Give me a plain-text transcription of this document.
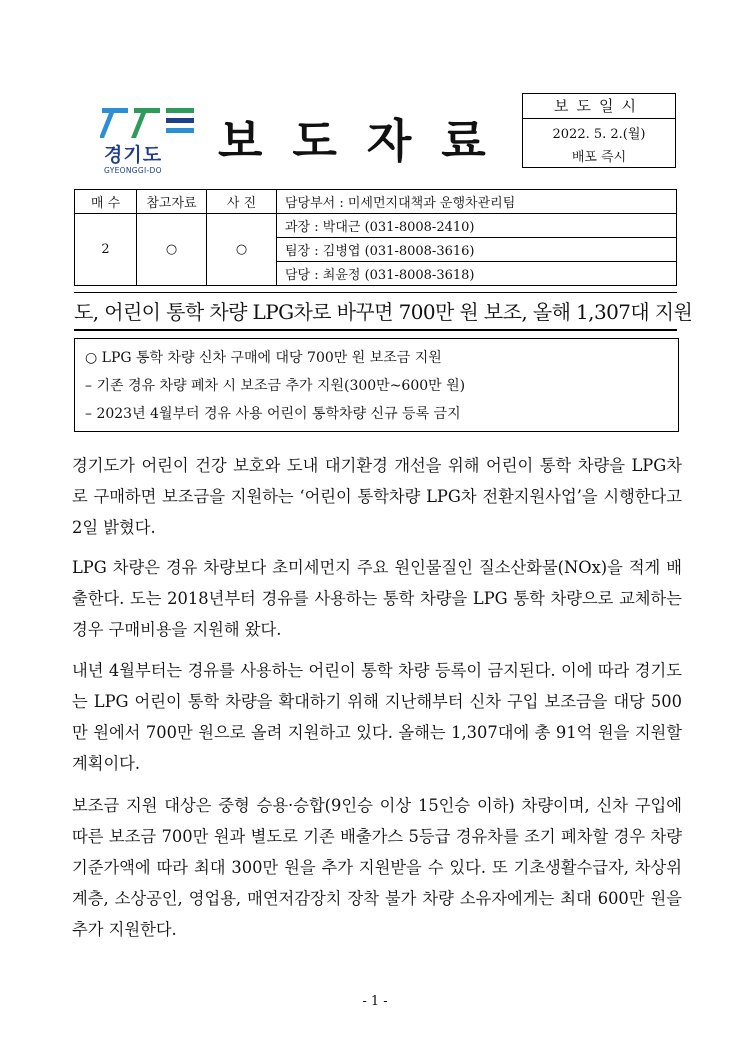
경기도
GYEONGGI-DO
보도자료
보도일시
2022. 5. 2.(월)
배포 즉시
매 수	참고자료	사 진	담당부서 : 미세먼지대책과 운행차관리팀
2	○	○	과장 : 박대근 (031-8008-2410)
			팀장 : 김병엽 (031-8008-3616)
			담당 : 최윤정 (031-8008-3618)
도, 어린이 통학 차량 LPG차로 바꾸면 700만 원 보조, 올해 1,307대 지원
○ LPG 통학 차량 신차 구매에 대당 700만 원 보조금 지원
– 기존 경유 차량 폐차 시 보조금 추가 지원(300만~600만 원)
– 2023년 4월부터 경유 사용 어린이 통학차량 신규 등록 금지

경기도가 어린이 건강 보호와 도내 대기환경 개선을 위해 어린이 통학 차량을 LPG차로 구매하면 보조금을 지원하는 ‘어린이 통학차량 LPG차 전환지원사업’을 시행한다고 2일 밝혔다.

LPG 차량은 경유 차량보다 초미세먼지 주요 원인물질인 질소산화물(NOx)을 적게 배출한다. 도는 2018년부터 경유를 사용하는 통학 차량을 LPG 통학 차량으로 교체하는 경우 구매비용을 지원해 왔다.

내년 4월부터는 경유를 사용하는 어린이 통학 차량 등록이 금지된다. 이에 따라 경기도는 LPG 어린이 통학 차량을 확대하기 위해 지난해부터 신차 구입 보조금을 대당 500만 원에서 700만 원으로 올려 지원하고 있다. 올해는 1,307대에 총 91억 원을 지원할 계획이다.

보조금 지원 대상은 중형 승용·승합(9인승 이상 15인승 이하) 차량이며, 신차 구입에 따른 보조금 700만 원과 별도로 기존 배출가스 5등급 경유차를 조기 폐차할 경우 차량 기준가액에 따라 최대 300만 원을 추가 지원받을 수 있다. 또 기초생활수급자, 차상위계층, 소상공인, 영업용, 매연저감장치 장착 불가 차량 소유자에게는 최대 600만 원을 추가 지원한다.

- 1 -
